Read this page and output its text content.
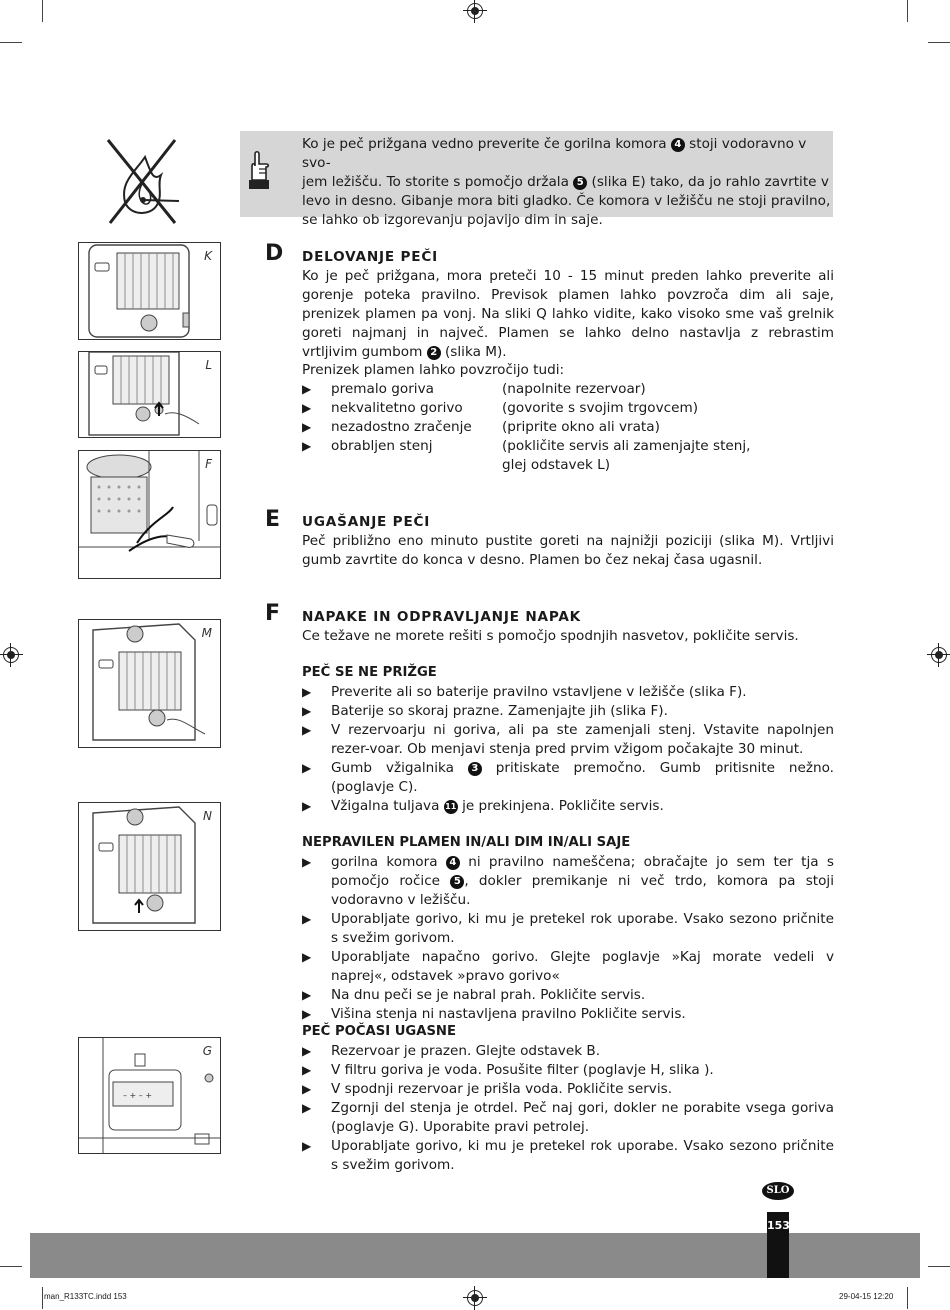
Ko je peč prižgana vedno preverite če gorilna komora 4 stoji vodoravno v svo-
jem ležišču. To storite s pomočjo držala 5 (slika E) tako, da jo rahlo zavrtite v
levo in desno. Gibanje mora biti gladko. Če komora v ležišču ne stoji pravilno,
se lahko ob izgorevanju pojavijo dim in saje.
K
L
F
M
N
– + – +
G
D DELOVANJE PEČI
Ko je peč prižgana, mora preteči 10 - 15 minut preden lahko preverite ali gorenje poteka pravilno. Previsok plamen lahko povzroča dim ali saje, prenizek plamen pa vonj. Na sliki Q lahko vidite, kako visoko sme vaš grelnik goreti najmanj in največ. Plamen se lahko delno nastavlja z rebrastim vrtljivim gumbom 2 (slika M).
Prenizek plamen lahko povzročijo tudi:
▶ premalo goriva	(napolnite rezervoar)
▶ nekvalitetno gorivo	(govorite s svojim trgovcem)
▶ nezadostno zračenje (priprite okno ali vrata)
▶ obrabljen stenj	(pokličite servis ali zamenjajte stenj,
glej odstavek L)
E UGAŠANJE PEČI
Peč približno eno minuto pustite goreti na najnižji poziciji (slika M). Vrtljivi gumb zavrtite do konca v desno. Plamen bo čez nekaj časa ugasnil.
F NAPAKE IN ODPRAVLJANJE NAPAK
Ce težave ne morete rešiti s pomočjo spodnjih nasvetov, pokličite servis.
PEČ SE NE PRIŽGE
▶ Preverite ali so baterije pravilno vstavljene v ležišče (slika F).
▶ Baterije so skoraj prazne. Zamenjajte jih (slika F).
▶ V rezervoarju ni goriva, ali pa ste zamenjali stenj. Vstavite napolnjen rezer-voar. Ob menjavi stenja pred prvim vžigom počakajte 30 minut.
▶ Gumb vžigalnika 3 pritiskate premočno. Gumb pritisnite nežno. (poglavje C).
▶ Vžigalna tuljava 11 je prekinjena. Pokličite servis.
NEPRAVILEN PLAMEN IN/ALI DIM IN/ALI SAJE
▶ gorilna komora 4 ni pravilno nameščena; obračajte jo sem ter tja s pomočjo ročice 5 , dokler premikanje ni več trdo, komora pa stoji vodoravno v ležišču.
▶ Uporabljate gorivo, ki mu je pretekel rok uporabe. Vsako sezono pričnite s svežim gorivom.
▶ Uporabljate napačno gorivo. Glejte poglavje »Kaj morate vedeli v naprej«, odstavek »pravo gorivo«
▶ Na dnu peči se je nabral prah. Pokličite servis.
▶ Višina stenja ni nastavljena pravilno Pokličite servis.
PEČ POČASI UGASNE
▶ Rezervoar je prazen. Glejte odstavek B.
▶ V filtru goriva je voda. Posušite filter (poglavje H, slika ).
▶ V spodnji rezervoar je prišla voda. Pokličite servis.
▶ Zgornji del stenja je otrdel. Peč naj gori, dokler ne porabite vsega goriva (poglavje G). Uporabite pravi petrolej.
▶ Uporabljate gorivo, ki mu je pretekel rok uporabe. Vsako sezono pričnite s svežim gorivom.
SLO
153
man_R133TC.indd 153	29-04-15 12:20
